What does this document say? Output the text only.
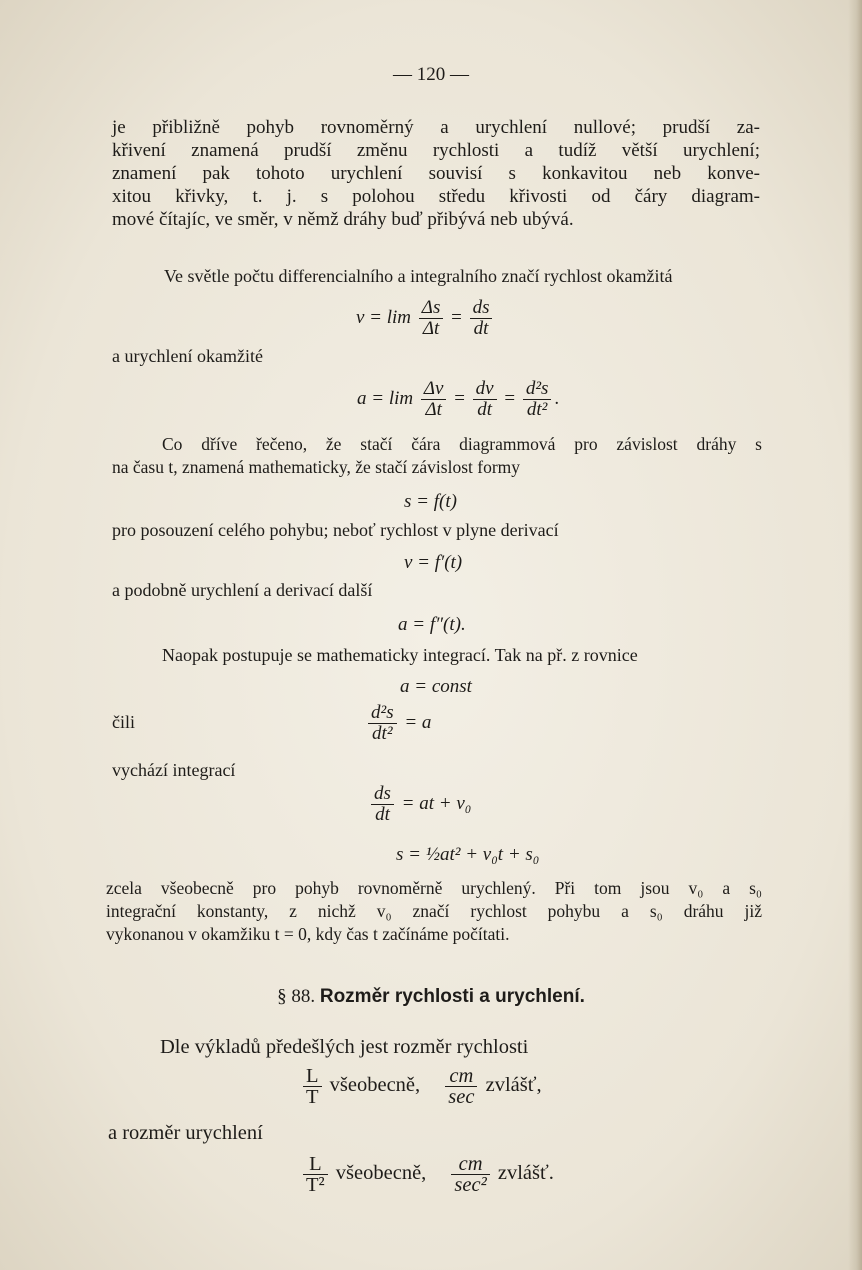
— 120 —
je přibližně pohyb rovnoměrný a urychlení nullové; prudší za-
křivení znamená prudší změnu rychlosti a tudíž větší urychlení;
znamení pak tohoto urychlení souvisí s konkavitou neb konve-
xitou křivky, t. j. s polohou středu křivosti od čáry diagram-
mové čítajíc, ve směr, v němž dráhy buď přibývá neb ubývá.
Ve světle počtu differencialního a integralního značí rychlost okamžitá
$v = \lim \frac{\Delta s}{\Delta t} = \frac{ds}{dt}$
a urychlení okamžité
$a = \lim \frac{\Delta v}{\Delta t} = \frac{dv}{dt} = \frac{\text{d²s}}{\text{dt²}}$ .
Co dříve řečeno, že stačí čára diagrammová pro závislost dráhy s
na času t, znamená mathematicky, že stačí závislost formy
s = f(t)
pro posouzení celého pohybu; neboť rychlost v plyne derivací
v = f′(t)
a podobně urychlení a derivací další
a = f″(t).
Naopak postupuje se mathematicky integrací. Tak na př. z rovnice
a = const
čili	$\frac{\text{d²s}}{\text{dt²}} = a$
vychází integrací
$\frac{ds}{dt}$ = at + v₀
s = ½at² + v₀t + s₀
zcela všeobecně pro pohyb rovnoměrně urychlený. Při tom jsou v₀ a s₀
integrační konstanty, z nichž v₀ značí rychlost pohybu a s₀ dráhu již
vykonanou v okamžiku t = 0, kdy čas t začínáme počítati.
§ 88. Rozměr rychlosti a urychlení.
Dle výkladů předešlých jest rozměr rychlosti
$\frac{L}{T}$ všeobecně, $\frac{cm}{\sec}$ zvlášť,
a rozměr urychlení
$\frac{L}{\text{T²}}$ všeobecně, $\frac{cm}{\text{sec²}}$ zvlášť.
